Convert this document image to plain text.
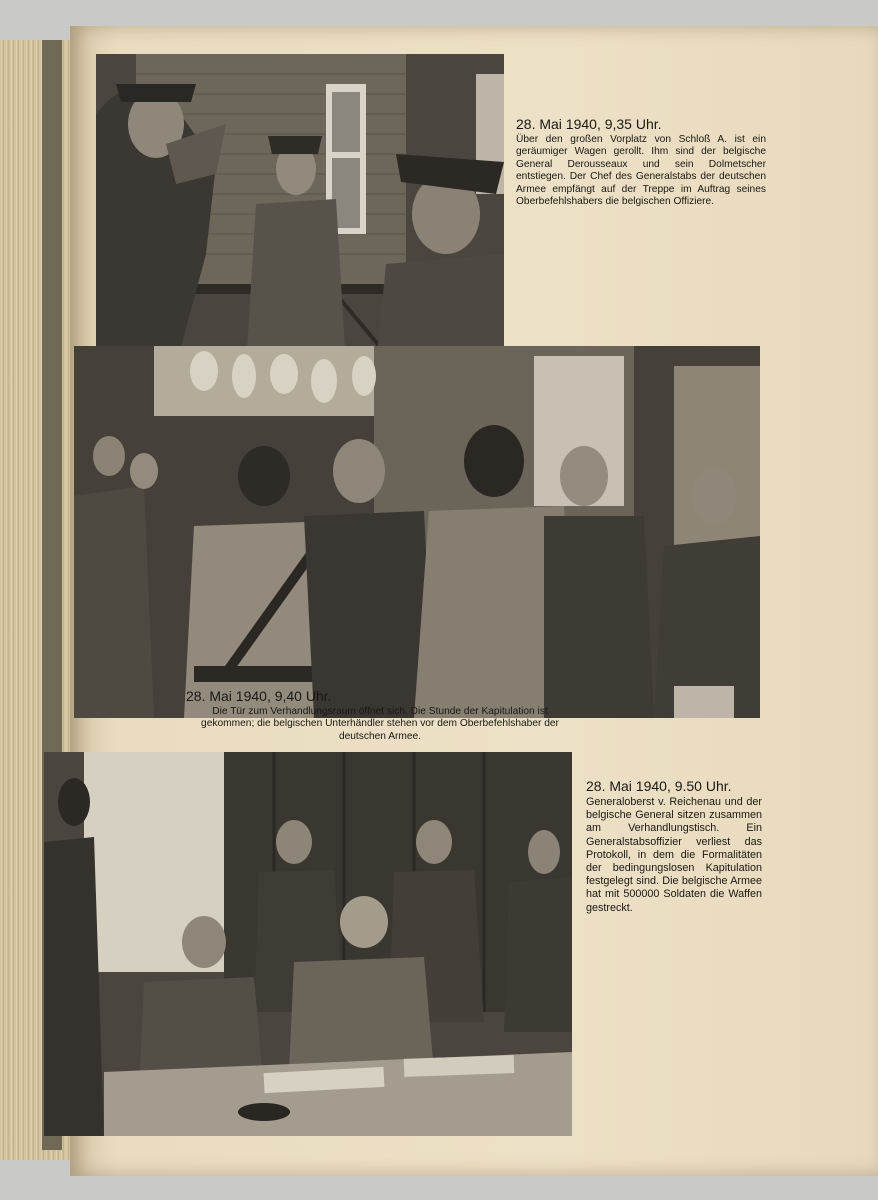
28. Mai 1940, 9,35 Uhr.

Über den großen Vorplatz von Schloß A. ist ein geräumiger Wagen gerollt. Ihm sind der belgische General Derousseaux und sein Dolmetscher entstiegen. Der Chef des Generalstabs der deutschen Armee empfängt auf der Treppe im Auftrag seines Oberbefehlshabers die belgischen Offiziere.

28. Mai 1940, 9,40 Uhr.

Die Tür zum Verhandlungsraum öffnet sich. Die Stunde der Kapitulation ist gekommen; die belgischen Unterhändler stehen vor dem Oberbefehlshaber der deutschen Armee.

28. Mai 1940, 9.50 Uhr.

Generaloberst v. Reichenau und der belgische General sitzen zusammen am Verhandlungstisch. Ein Generalstabsoffizier verliest das Protokoll, in dem die Formalitäten der bedingungslosen Kapitulation festgelegt sind. Die belgische Armee hat mit 500000 Soldaten die Waffen gestreckt.
